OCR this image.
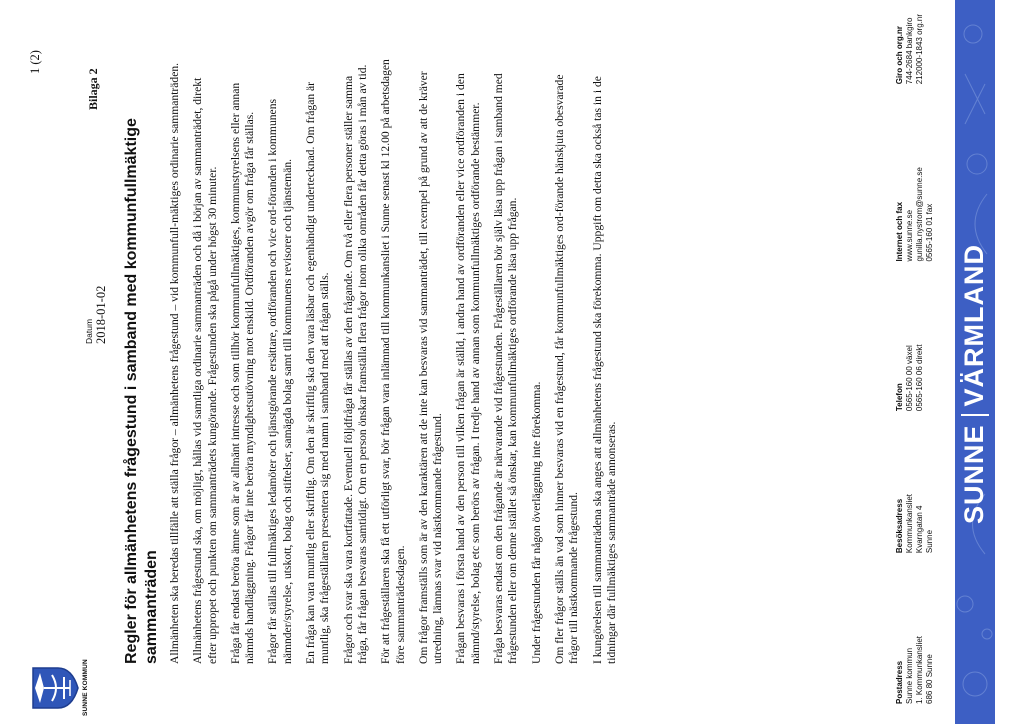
SUNNE KOMMUN
1 (2)
Bilaga 2
Datum 2018-01-02 Regler för allmänhetens frågestund i samband med kommunfullmäktige sammanträden Allmänheten ska beredas tillfälle att ställa frågor – allmänhetens frågestund – vid kommunfull-mäktiges ordinarie sammanträden. Allmänhetens frågestund ska, om möjligt, hållas vid samtliga ordinarie sammanträden och då i början av sammanträdet, direkt efter uppropet och punkten om sammanträdets kungörande. Frågestunden ska pågå under högst 30 minuter. Fråga får endast beröra ämne som är av allmänt intresse och som tillhör kommunfullmäktiges, kommunstyrelsens eller annan nämnds handläggning. Frågor får inte beröra myndighetsutövning mot enskild. Ordföranden avgör om fråga får ställas. Frågor får ställas till fullmäktiges ledamöter och tjänstgörande ersättare, ordföranden och vice ord-föranden i kommunens nämnder/styrelse, utskott, bolag och stiftelser, samägda bolag samt till kommunens revisorer och tjänstemän. En fråga kan vara muntlig eller skriftlig. Om den är skriftlig ska den vara läsbar och egenhändigt undertecknad. Om frågan är muntlig, ska frågeställaren presentera sig med namn i samband med att frågan ställs. Frågor och svar ska vara kortfattade. Eventuell följdfråga får ställas av den frågande. Om två eller flera personer ställer samma fråga, får frågan besvaras samtidigt. Om en person önskar framställa flera frågor inom olika områden får detta göras i mån av tid. För att frågeställaren ska få ett utförligt svar, bör frågan vara inlämnad till kommunkansliet i Sunne senast kl 12.00 på arbetsdagen före sammanträdesdagen. Om frågor framställs som är av den karaktären att de inte kan besvaras vid sammanträdet, till exempel på grund av att de kräver utredning, lämnas svar vid nästkommande frågestund. Frågan besvaras i första hand av den person till vilken frågan är ställd, i andra hand av ordföranden eller vice ordföranden i den nämnd/styrelse, bolag etc som berörs av frågan. I tredje hand av annan som kommunfullmäktiges ordförande bestämmer. Fråga besvaras endast om den frågande är närvarande vid frågestunden. Frågeställaren bör själv läsa upp frågan i samband med frågestunden eller om denne istället så önskar, kan kommunfullmäktiges ordförande läsa upp frågan. Under frågestunden får någon överläggning inte förekomma. Om fler frågor ställs än vad som hinner besvaras vid en frågestund, får kommunfullmäktiges ord-förande hänskjuta obesvarade frågor till nästkommande frågestund. I kungörelsen till sammanträdena ska anges att allmänhetens frågestund ska förekomma. Uppgift om detta ska också tas in i de tidningar där fullmäktiges sammanträde annonseras.

Postadress Sunne kommun 1. Kommunkansliet 686 80 Sunne
Besöksadress Kommunkansliet Kvarngatan 4 Sunne
Telefon 0565-160 00 växel 0565-160 06 direkt
Internet och fax www.sunne.se gunilla.nystrom@sunne.se 0565-160 01 fax
Giro och org.nr 744-2684 bankgiro 212000-1843 org.nr
SUNNE
VÄRMLAND
